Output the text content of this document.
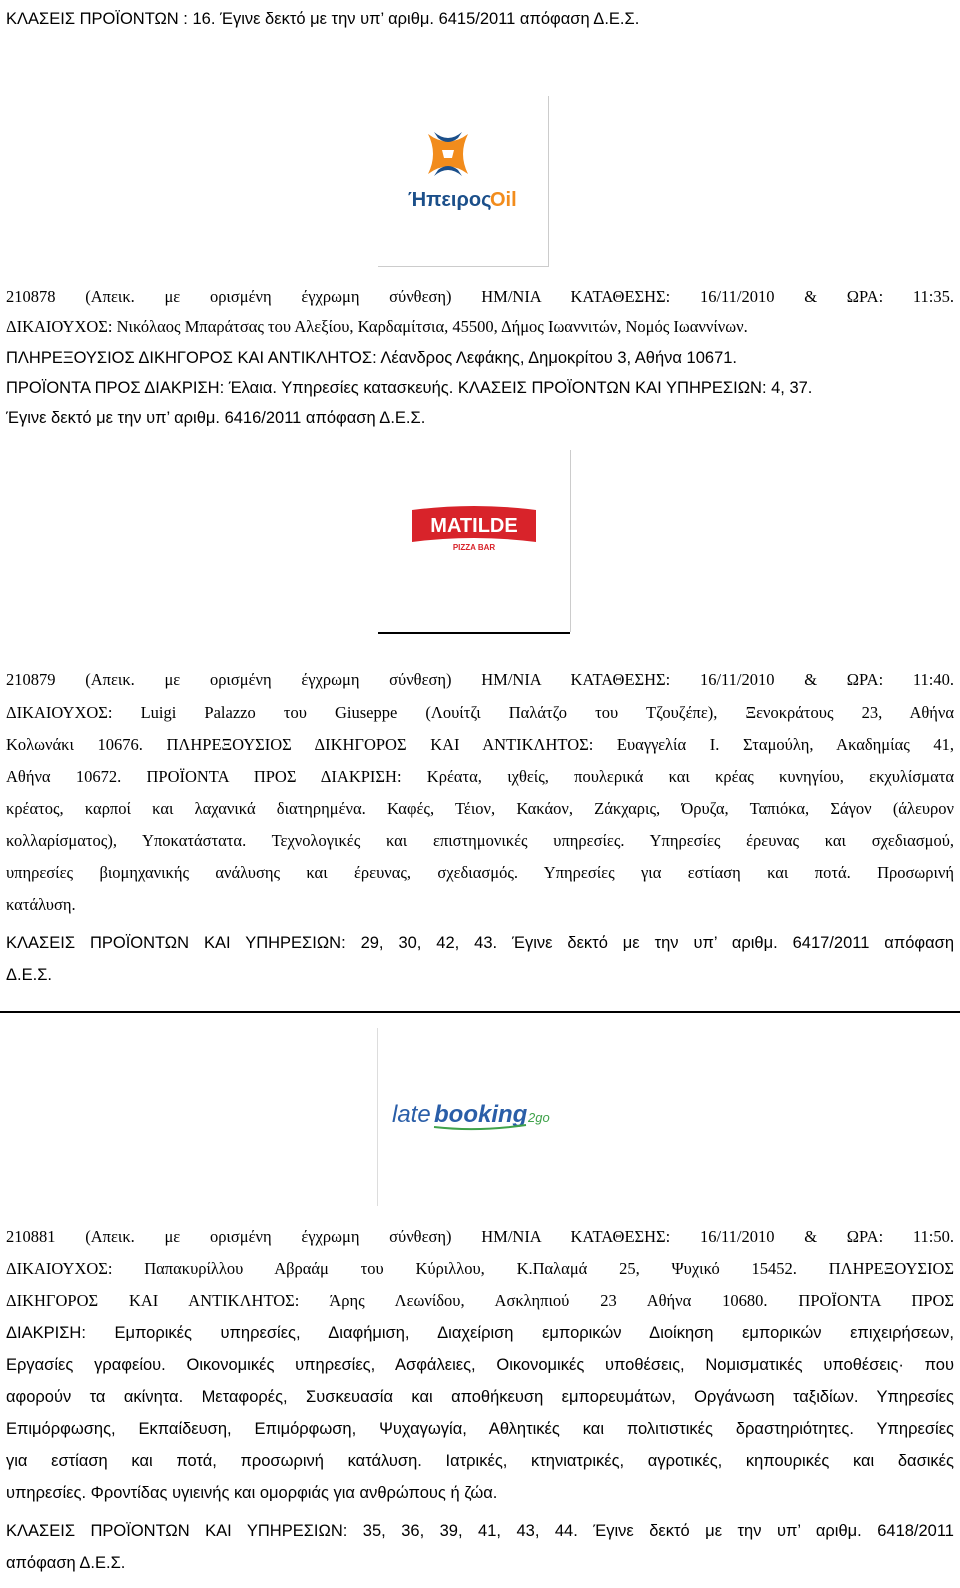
ΚΛΑΣΕΙΣ ΠΡΟΪΟΝΤΩΝ : 16. Έγινε δεκτό με την υπ’ αριθμ. 6415/2011 απόφαση Δ.Ε.Σ.
Ήπειρος
Oil
210878 (Απεικ. με ορισμένη έγχρωμη σύνθεση) ΗΜ/ΝΙΑ ΚΑΤΑΘΕΣΗΣ: 16/11/2010 & ΩΡΑ: 11:35.
ΔΙΚΑΙΟΥΧΟΣ: Νικόλαος Μπαράτσας του Αλεξίου, Καρδαμίτσια, 45500, Δήμος Ιωαννιτών, Νομός Ιωαννίνων.
ΠΛΗΡΕΞΟΥΣΙΟΣ ΔΙΚΗΓΟΡΟΣ ΚΑΙ ΑΝΤΙΚΛΗΤΟΣ: Λέανδρος Λεφάκης, Δημοκρίτου 3, Αθήνα 10671.
ΠΡΟΪΟΝΤΑ ΠΡΟΣ ΔΙΑΚΡΙΣΗ: Έλαια. Υπηρεσίες κατασκευής. ΚΛΑΣΕΙΣ ΠΡΟΪΟΝΤΩΝ ΚΑΙ ΥΠΗΡΕΣΙΩΝ: 4, 37.
Έγινε δεκτό με την υπ’ αριθμ. 6416/2011 απόφαση Δ.Ε.Σ.
MATILDE
PIZZA BAR
210879 (Απεικ. με ορισμένη έγχρωμη σύνθεση) ΗΜ/ΝΙΑ ΚΑΤΑΘΕΣΗΣ: 16/11/2010 & ΩΡΑ: 11:40.
ΔΙΚΑΙΟΥΧΟΣ: Luigi Palazzo του Giuseppe (Λουίτζι Παλάτζο του Τζουζέπε), Ξενοκράτους 23, Αθήνα
Κολωνάκι 10676. ΠΛΗΡΕΞΟΥΣΙΟΣ ΔΙΚΗΓΟΡΟΣ ΚΑΙ ΑΝΤΙΚΛΗΤΟΣ: Ευαγγελία Ι. Σταμούλη, Ακαδημίας 41,
Αθήνα 10672. ΠΡΟΪΟΝΤΑ ΠΡΟΣ ΔΙΑΚΡΙΣΗ: Κρέατα, ιχθείς, πουλερικά και κρέας κυνηγίου, εκχυλίσματα
κρέατος, καρποί και λαχανικά διατηρημένα. Καφές, Τέιον, Κακάον, Ζάκχαρις, Όρυζα, Ταπιόκα, Σάγον (άλευρον
κολλαρίσματος), Υποκατάστατα. Τεχνολογικές και επιστημονικές υπηρεσίες. Υπηρεσίες έρευνας και σχεδιασμού,
υπηρεσίες βιομηχανικής ανάλυσης και έρευνας, σχεδιασμός. Υπηρεσίες για εστίαση και ποτά. Προσωρινή
κατάλυση.
ΚΛΑΣΕΙΣ ΠΡΟΪΟΝΤΩΝ ΚΑΙ ΥΠΗΡΕΣΙΩΝ: 29, 30, 42, 43. Έγινε δεκτό με την υπ’ αριθμ. 6417/2011 απόφαση
Δ.Ε.Σ.
late booking 2go
210881 (Απεικ. με ορισμένη έγχρωμη σύνθεση) ΗΜ/ΝΙΑ ΚΑΤΑΘΕΣΗΣ: 16/11/2010 & ΩΡΑ: 11:50.
ΔΙΚΑΙΟΥΧΟΣ: Παπακυρίλλου Αβραάμ του Κύριλλου, Κ.Παλαμά 25, Ψυχικό 15452. ΠΛΗΡΕΞΟΥΣΙΟΣ
ΔΙΚΗΓΟΡΟΣ ΚΑΙ ΑΝΤΙΚΛΗΤΟΣ: Άρης Λεωνίδου, Ασκληπιού 23 Αθήνα 10680. ΠΡΟΪΟΝΤΑ ΠΡΟΣ
ΔΙΑΚΡΙΣΗ: Εμπορικές υπηρεσίες, Διαφήμιση, Διαχείριση εμπορικών Διοίκηση εμπορικών επιχειρήσεων,
Εργασίες γραφείου. Οικονομικές υπηρεσίες, Ασφάλειες, Οικονομικές υποθέσεις, Νομισματικές υποθέσεις· που
αφορούν τα ακίνητα. Μεταφορές, Συσκευασία και αποθήκευση εμπορευμάτων, Οργάνωση ταξιδίων. Υπηρεσίες
Επιμόρφωσης, Εκπαίδευση, Επιμόρφωση, Ψυχαγωγία, Αθλητικές και πολιτιστικές δραστηριότητες. Υπηρεσίες
για εστίαση και ποτά, προσωρινή κατάλυση. Ιατρικές, κτηνιατρικές, αγροτικές, κηπουρικές και δασικές
υπηρεσίες. Φροντίδας υγιεινής και ομορφιάς για ανθρώπους ή ζώα.
ΚΛΑΣΕΙΣ ΠΡΟΪΟΝΤΩΝ ΚΑΙ ΥΠΗΡΕΣΙΩΝ: 35, 36, 39, 41, 43, 44. Έγινε δεκτό με την υπ’ αριθμ. 6418/2011
απόφαση Δ.Ε.Σ.
